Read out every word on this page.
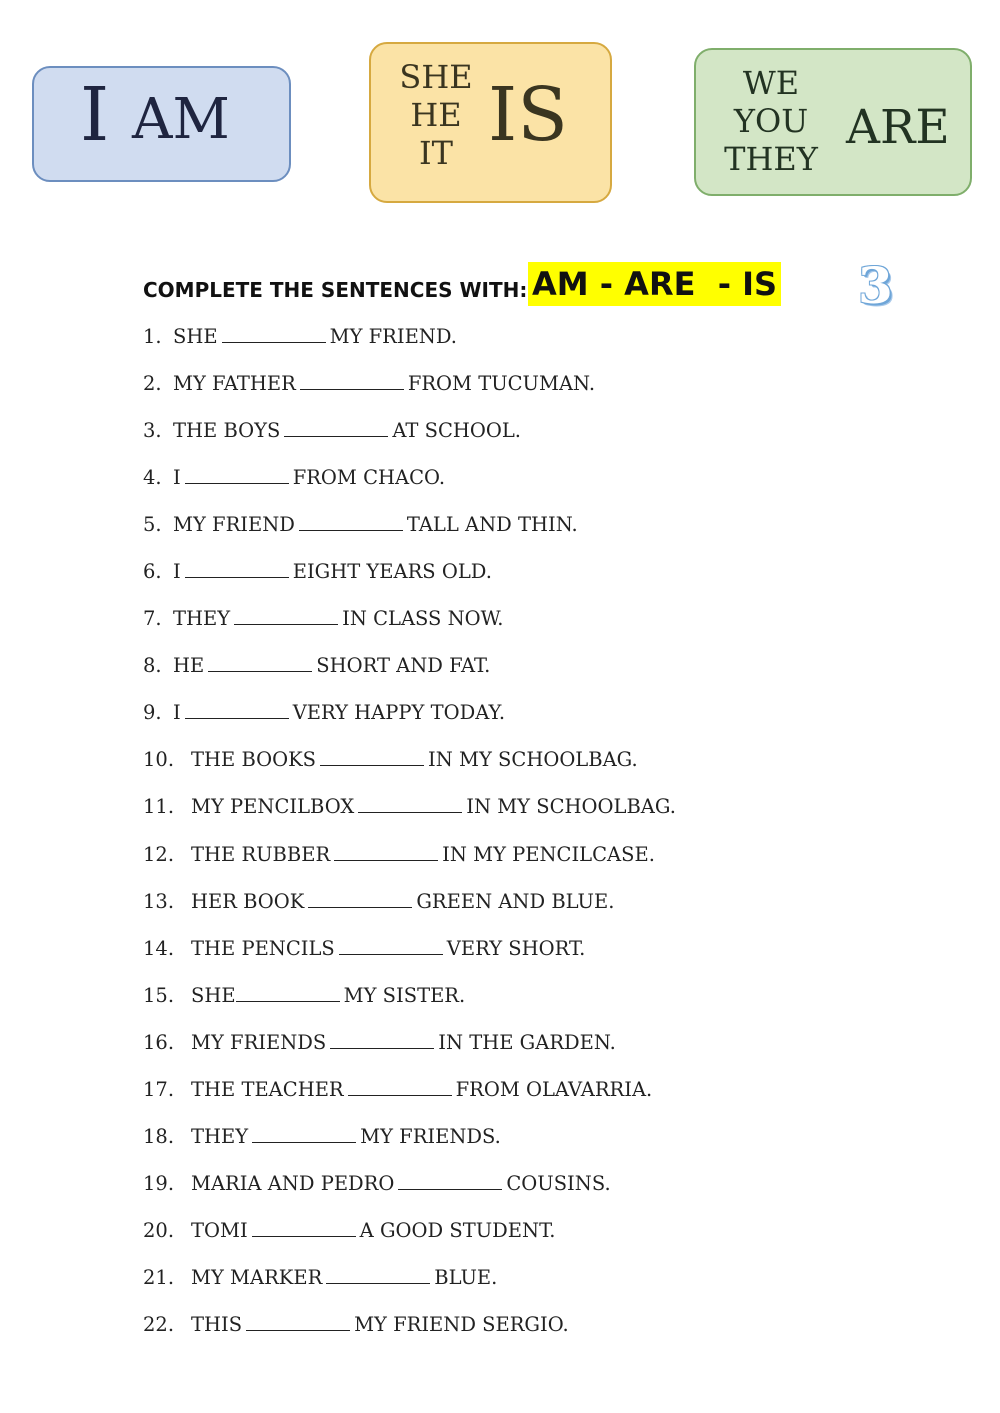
I AM
SHE
HE
IT IS	WE
YOU
THEY
ARE
COMPLETE THE SENTENCES WITH: AM - ARE  - IS 3
1. SHE	MY FRIEND.
2. MY FATHER	FROM TUCUMAN.
3. THE BOYS	AT SCHOOL.
4. I	FROM CHACO.
5. MY FRIEND	TALL AND THIN.
6. I	EIGHT YEARS OLD.
7. THEY	IN CLASS NOW.
8. HE	SHORT AND FAT.
9. I	VERY HAPPY TODAY.
10. THE BOOKS	IN MY SCHOOLBAG.
11. MY PENCILBOX	IN MY SCHOOLBAG.
12. THE RUBBER	IN MY PENCILCASE.
13. HER BOOK	GREEN AND BLUE.
14. THE PENCILS	VERY SHORT.
15. SHE	MY SISTER.
16. MY FRIENDS	IN THE GARDEN.
17. THE TEACHER	FROM OLAVARRIA.
18. THEY	MY FRIENDS.
19. MARIA AND PEDRO	COUSINS.
20. TOMI	A GOOD STUDENT.
21. MY MARKER	BLUE.
22. THIS	MY FRIEND SERGIO.
